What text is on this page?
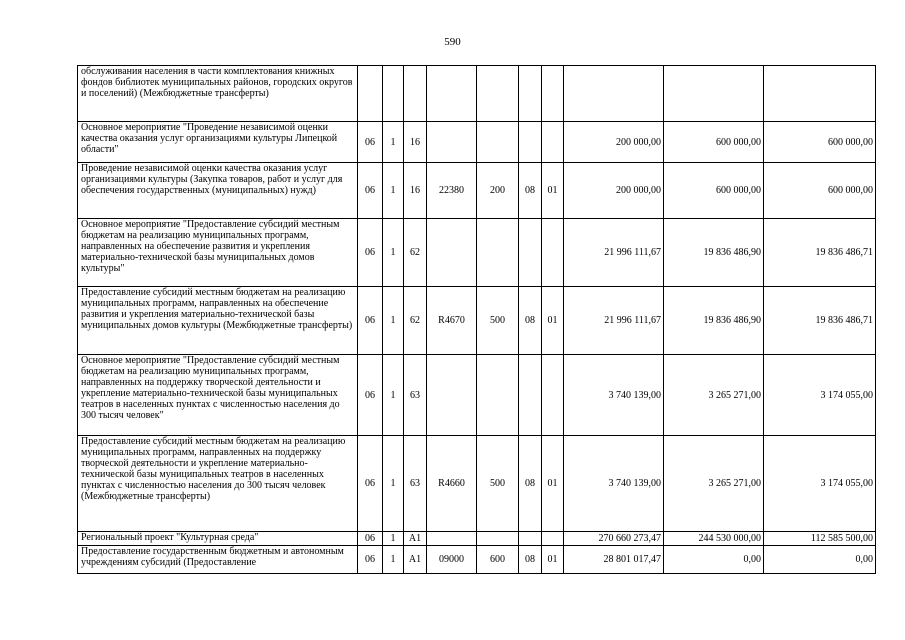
590
обслуживания населения в части комплектования книжных фондов библиотек муниципальных районов, городских округов и поселений) (Межбюджетные трансферты)										
Основное мероприятие "Проведение независимой оценки качества оказания услуг организациями культуры Липецкой области"	06	1	16					200 000,00	600 000,00	600 000,00
Проведение независимой оценки качества оказания услуг организациями культуры (Закупка товаров, работ и услуг для обеспечения государственных (муниципальных) нужд)	06	1	16	22380	200	08	01	200 000,00	600 000,00	600 000,00
Основное мероприятие "Предоставление субсидий местным бюджетам на реализацию муниципальных программ, направленных на обеспечение развития и укрепления материально-технической базы муниципальных домов культуры"	06	1	62					21 996 111,67	19 836 486,90	19 836 486,71
Предоставление субсидий местным бюджетам на реализацию муниципальных программ, направленных на обеспечение развития и укрепления материально-технической базы муниципальных домов культуры (Межбюджетные трансферты)	06	1	62	R4670	500	08	01	21 996 111,67	19 836 486,90	19 836 486,71
Основное мероприятие "Предоставление субсидий местным бюджетам на реализацию муниципальных программ, направленных на поддержку творческой деятельности и укрепление материально-технической базы муниципальных театров в населенных пунктах с численностью населения до 300 тысяч человек"	06	1	63					3 740 139,00	3 265 271,00	3 174 055,00
Предоставление субсидий местным бюджетам на реализацию муниципальных программ, направленных на поддержку творческой деятельности и укрепление материально-технической базы муниципальных театров в населенных пунктах с численностью населения до 300 тысяч человек (Межбюджетные трансферты)	06	1	63	R4660	500	08	01	3 740 139,00	3 265 271,00	3 174 055,00
Региональный проект "Культурная среда"	06	1	A1					270 660 273,47	244 530 000,00	112 585 500,00
Предоставление государственным бюджетным и автономным учреждениям субсидий (Предоставление	06	1	A1	09000	600	08	01	28 801 017,47	0,00	0,00
